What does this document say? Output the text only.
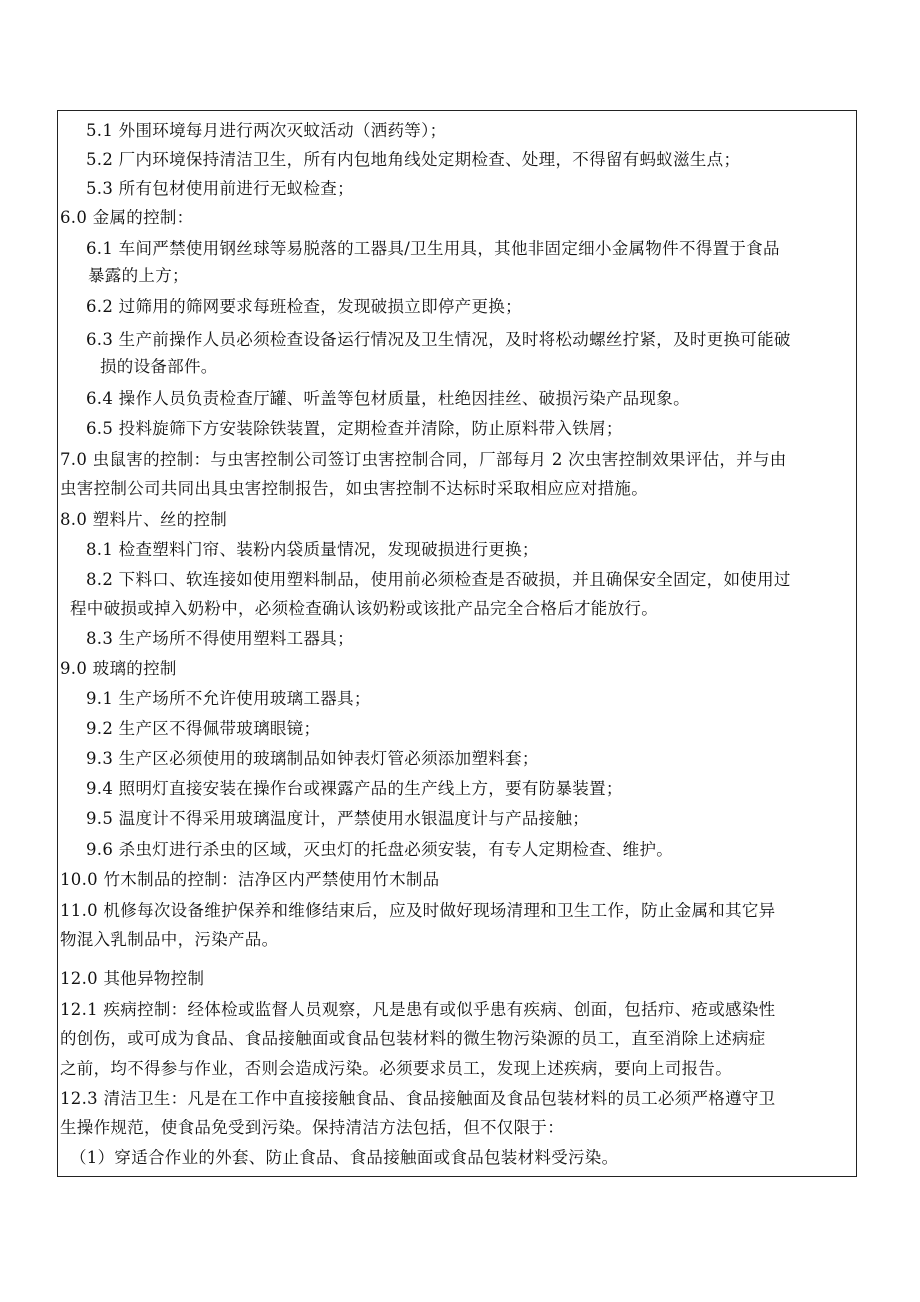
5.1 外围环境每月进行两次灭蚊活动（洒药等）；
5.2 厂内环境保持清洁卫生，所有内包地角线处定期检查、处理，不得留有蚂蚁滋生点；
5.3 所有包材使用前进行无蚁检查；
6.0 金属的控制：
6.1 车间严禁使用钢丝球等易脱落的工器具/卫生用具，其他非固定细小金属物件不得置于食品
暴露的上方；
6.2 过筛用的筛网要求每班检查，发现破损立即停产更换；
6.3 生产前操作人员必须检查设备运行情况及卫生情况，及时将松动螺丝拧紧，及时更换可能破
损的设备部件。
6.4 操作人员负责检查厅罐、听盖等包材质量，杜绝因挂丝、破损污染产品现象。
6.5 投料旋筛下方安装除铁装置，定期检查并清除，防止原料带入铁屑；
7.0 虫鼠害的控制：与虫害控制公司签订虫害控制合同，厂部每月 2 次虫害控制效果评估，并与由
虫害控制公司共同出具虫害控制报告，如虫害控制不达标时采取相应应对措施。
8.0 塑料片、丝的控制
8.1 检查塑料门帘、装粉内袋质量情况，发现破损进行更换；
8.2 下料口、软连接如使用塑料制品，使用前必须检查是否破损，并且确保安全固定，如使用过
程中破损或掉入奶粉中，必须检查确认该奶粉或该批产品完全合格后才能放行。
8.3 生产场所不得使用塑料工器具；
9.0 玻璃的控制
9.1 生产场所不允许使用玻璃工器具；
9.2 生产区不得佩带玻璃眼镜；
9.3 生产区必须使用的玻璃制品如钟表灯管必须添加塑料套；
9.4 照明灯直接安装在操作台或裸露产品的生产线上方，要有防暴装置；
9.5 温度计不得采用玻璃温度计，严禁使用水银温度计与产品接触；
9.6 杀虫灯进行杀虫的区域，灭虫灯的托盘必须安装，有专人定期检查、维护。
10.0 竹木制品的控制：洁净区内严禁使用竹木制品
11.0 机修每次设备维护保养和维修结束后，应及时做好现场清理和卫生工作，防止金属和其它异
物混入乳制品中，污染产品。
12.0 其他异物控制
12.1 疾病控制：经体检或监督人员观察，凡是患有或似乎患有疾病、创面，包括疖、疮或感染性
的创伤，或可成为食品、食品接触面或食品包装材料的微生物污染源的员工，直至消除上述病症
之前，均不得参与作业，否则会造成污染。必须要求员工，发现上述疾病，要向上司报告。
12.3 清洁卫生：凡是在工作中直接接触食品、食品接触面及食品包装材料的员工必须严格遵守卫
生操作规范，使食品免受到污染。保持清洁方法包括，但不仅限于：
（1）穿适合作业的外套、防止食品、食品接触面或食品包装材料受污染。
